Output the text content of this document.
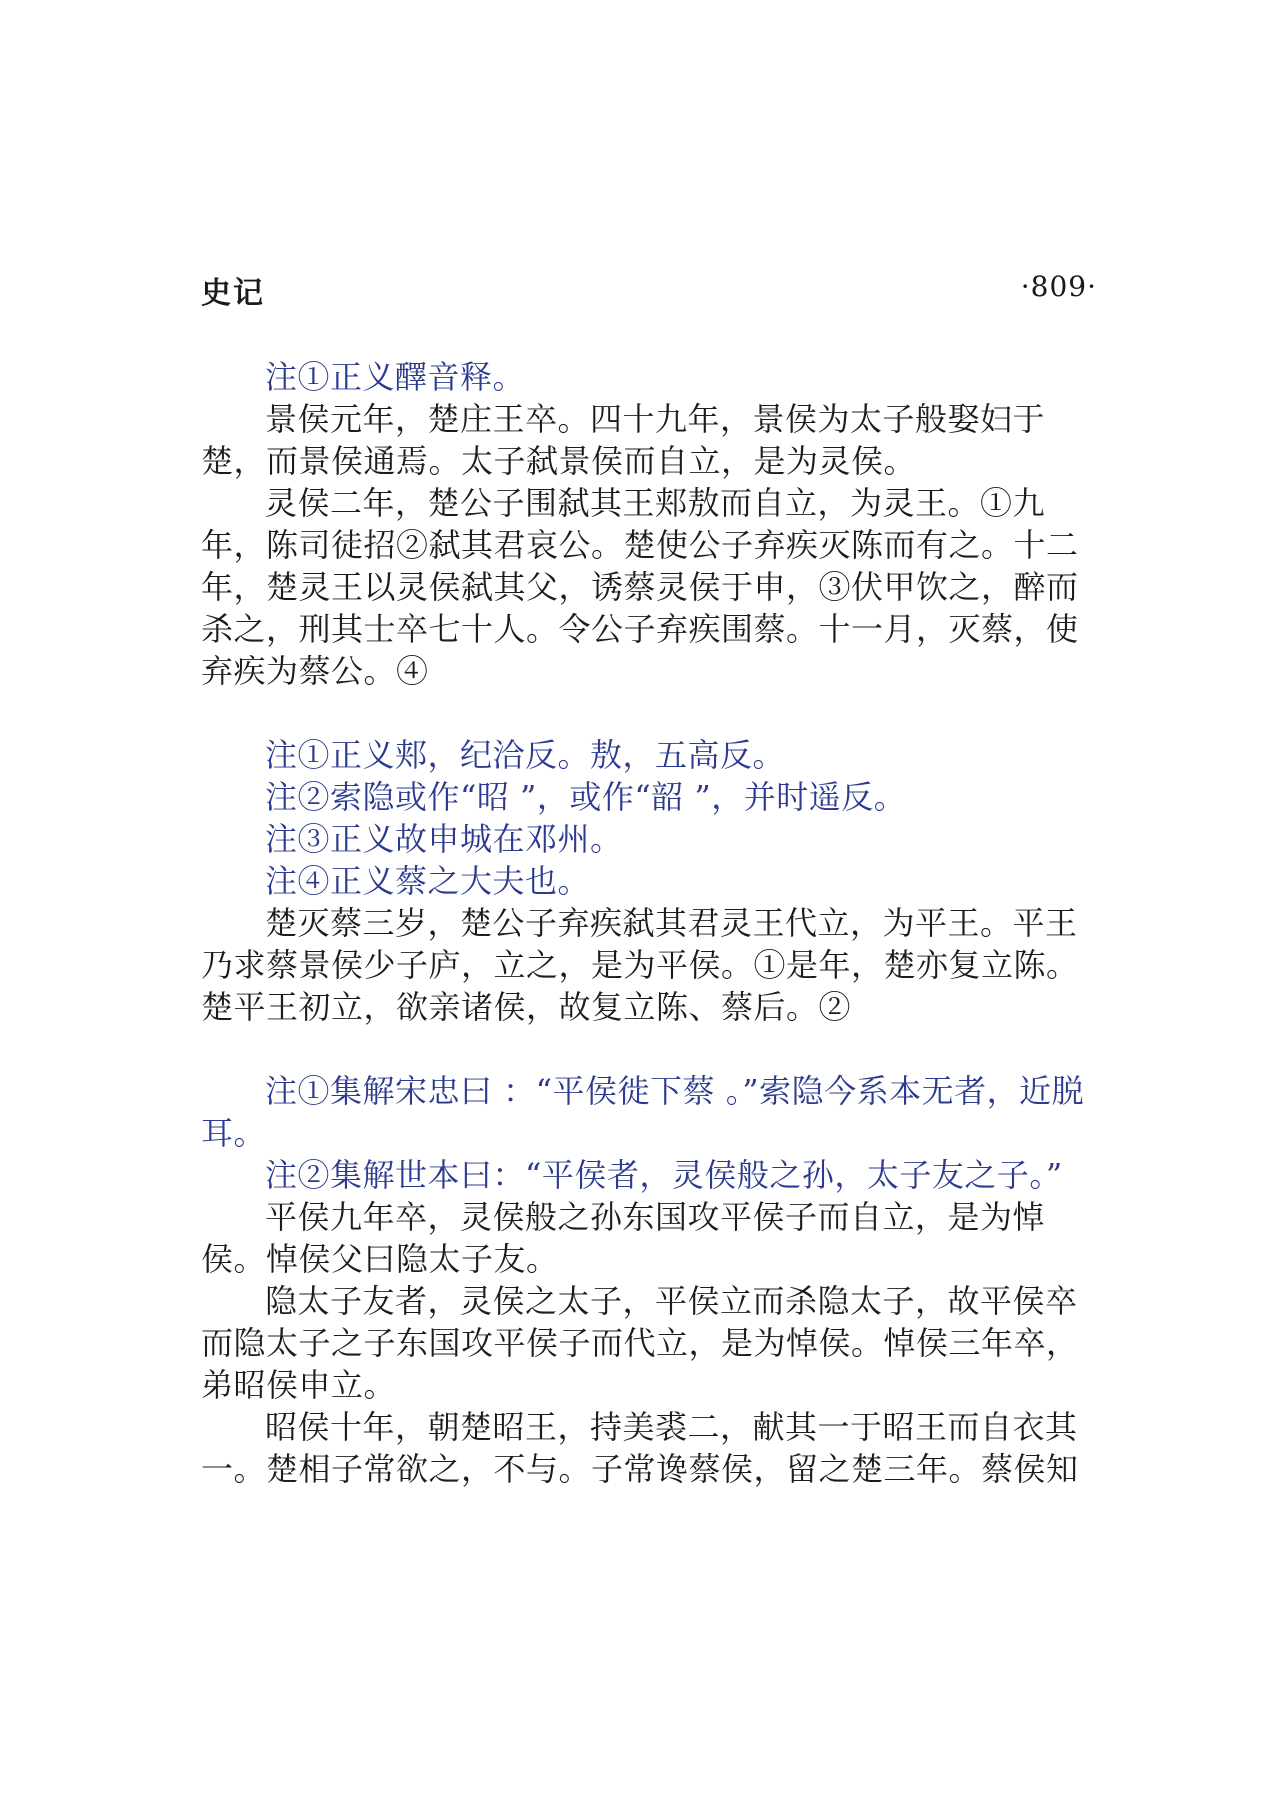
史记	·809·

注①正义醳音释。

景侯元年，楚庄王卒。四十九年，景侯为太子般娶妇于楚，而景侯通焉。太子弑景侯而自立，是为灵侯。

灵侯二年，楚公子围弑其王郏敖而自立，为灵王。①九年，陈司徒招②弑其君哀公。楚使公子弃疾灭陈而有之。十二年，楚灵王以灵侯弑其父，诱蔡灵侯于申，③伏甲饮之，醉而杀之，刑其士卒七十人。令公子弃疾围蔡。十一月，灭蔡，使弃疾为蔡公。④

注①正义郏，纪洽反。敖，五高反。

注②索隐或作“昭 ”，或作“韶 ”，并时遥反。

注③正义故申城在邓州。

注④正义蔡之大夫也。

楚灭蔡三岁，楚公子弃疾弑其君灵王代立，为平王。平王乃求蔡景侯少子庐，立之，是为平侯。①是年，楚亦复立陈。楚平王初立，欲亲诸侯，故复立陈、蔡后。②

注①集解宋忠曰 ：“平侯徙下蔡 。”索隐今系本无者，近脱耳。

注②集解世本曰：“平侯者，灵侯般之孙，太子友之子。”

平侯九年卒，灵侯般之孙东国攻平侯子而自立，是为悼侯。悼侯父曰隐太子友。

隐太子友者，灵侯之太子，平侯立而杀隐太子，故平侯卒而隐太子之子东国攻平侯子而代立，是为悼侯。悼侯三年卒，弟昭侯申立。

昭侯十年，朝楚昭王，持美裘二，献其一于昭王而自衣其一。楚相子常欲之，不与。子常谗蔡侯，留之楚三年。蔡侯知
